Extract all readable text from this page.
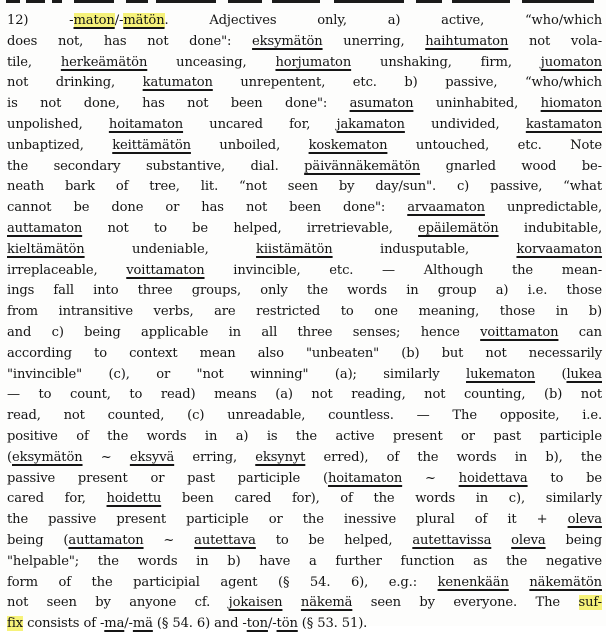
12) -maton/-mätön. Adjectives only, a) active, “who/which
does not, has not done": eksymätön unerring, haihtumaton not vola-
tile, herkeämätön unceasing, horjumaton unshaking, firm, juomaton
not drinking, katumaton unrepentent, etc. b) passive, “who/which
is not done, has not been done": asumaton uninhabited, hiomaton
unpolished, hoitamaton uncared for, jakamaton undivided, kastamaton
unbaptized, keittämätön unboiled, koskematon untouched, etc. Note
the secondary substantive, dial. päivännäkemätön gnarled wood be-
neath bark of tree, lit. “not seen by day/sun". c) passive, “what
cannot be done or has not been done": arvaamaton unpredictable,
auttamaton not to be helped, irretrievable, epäilemätön indubitable,
kieltämätön undeniable, kiistämätön indusputable, korvaamaton
irreplaceable, voittamaton invincible, etc. — Although the mean-
ings fall into three groups, only the words in group a) i.e. those
from intransitive verbs, are restricted to one meaning, those in b)
and c) being applicable in all three senses; hence voittamaton can
according to context mean also "unbeaten" (b) but not necessarily
"invincible" (c), or "not winning" (a); similarly lukematon (lukea
— to count, to read) means (a) not reading, not counting, (b) not
read, not counted, (c) unreadable, countless. — The opposite, i.e.
positive of the words in a) is the active present or past participle
(eksymätön ~ eksyvä erring, eksynyt erred), of the words in b), the
passive present or past participle (hoitamaton ~ hoidettava to be
cared for, hoidettu been cared for), of the words in c), similarly
the passive present participle or the inessive plural of it + oleva
being (auttamaton ~ autettava to be helped, autettavissa oleva being
"helpable"; the words in b) have a further function as the negative
form of the participial agent (§ 54. 6), e.g.: kenenkään näkemätön
not seen by anyone cf. jokaisen näkemä seen by everyone. The suf-
fix consists of -ma/-mä (§ 54. 6) and -ton/-tön (§ 53. 51).
